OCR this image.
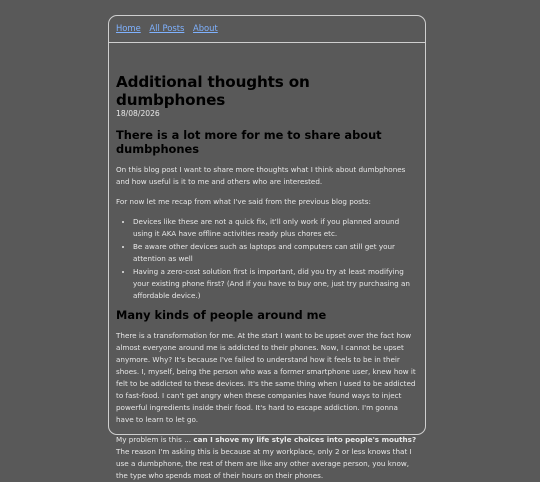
Home All Posts About
Additional thoughts on dumbphones
18/08/2026
There is a lot more for me to share about dumbphones

On this blog post I want to share more thoughts what I think about dumbphones and how useful is it to me and others who are interested.

For now let me recap from what I've said from the previous blog posts:

• Devices like these are not a quick fix, it'll only work if you planned around using it AKA have offline activities ready plus chores etc.
• Be aware other devices such as laptops and computers can still get your attention as well
• Having a zero-cost solution first is important, did you try at least modifying your existing phone first? (And if you have to buy one, just try purchasing an affordable device.)
Many kinds of people around me

There is a transformation for me. At the start I want to be upset over the fact how almost everyone around me is addicted to their phones. Now, I cannot be upset anymore. Why? It's because I've failed to understand how it feels to be in their shoes. I, myself, being the person who was a former smartphone user, knew how it felt to be addicted to these devices. It's the same thing when I used to be addicted to fast-food. I can't get angry when these companies have found ways to inject powerful ingredients inside their food. It's hard to escape addiction. I'm gonna have to learn to let go.

My problem is this ... can I shove my life style choices into people's mouths? The reason I'm asking this is because at my workplace, only 2 or less knows that I use a dumbphone, the rest of them are like any other average person, you know, the type who spends most of their hours on their phones.
